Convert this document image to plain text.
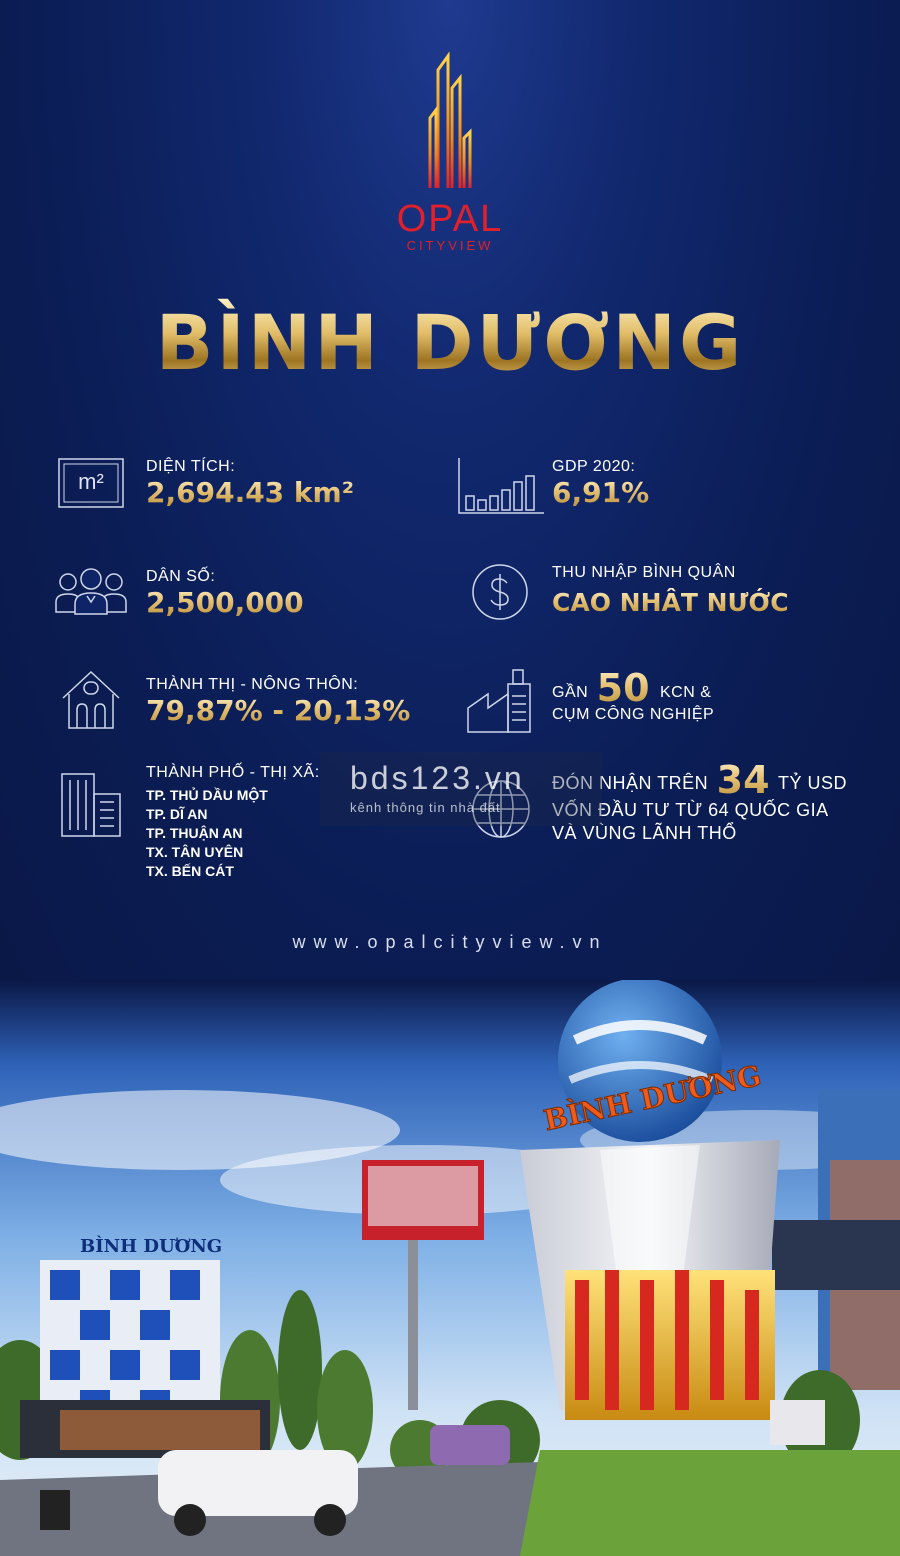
OPAL
CITYVIEW
BÌNH DƯƠNG
m²
DIỆN TÍCH:
2,694.43 km²
GDP 2020:
6,91%
DÂN SỐ:
2,500,000
THU NHẬP BÌNH QUÂN
CAO NHẤT NƯỚC
THÀNH THỊ - NÔNG THÔN:
79,87% - 20,13%
GẦN 50 KCN &
CỤM CÔNG NGHIỆP
THÀNH PHỐ - THỊ XÃ:
TP. THỦ DẦU MỘT
TP. DĨ AN
TP. THUẬN AN
TX. TÂN UYÊN
TX. BẾN CÁT
ĐÓN NHẬN TRÊN 34 TỶ USD
VỐN ĐẦU TƯ TỪ 64 QUỐC GIA
VÀ VÙNG LÃNH THỔ
bds123.vn
kênh thông tin nhà đất
www.opalcityview.vn
BÌNH DƯƠNG
BÌNH DƯƠNG
